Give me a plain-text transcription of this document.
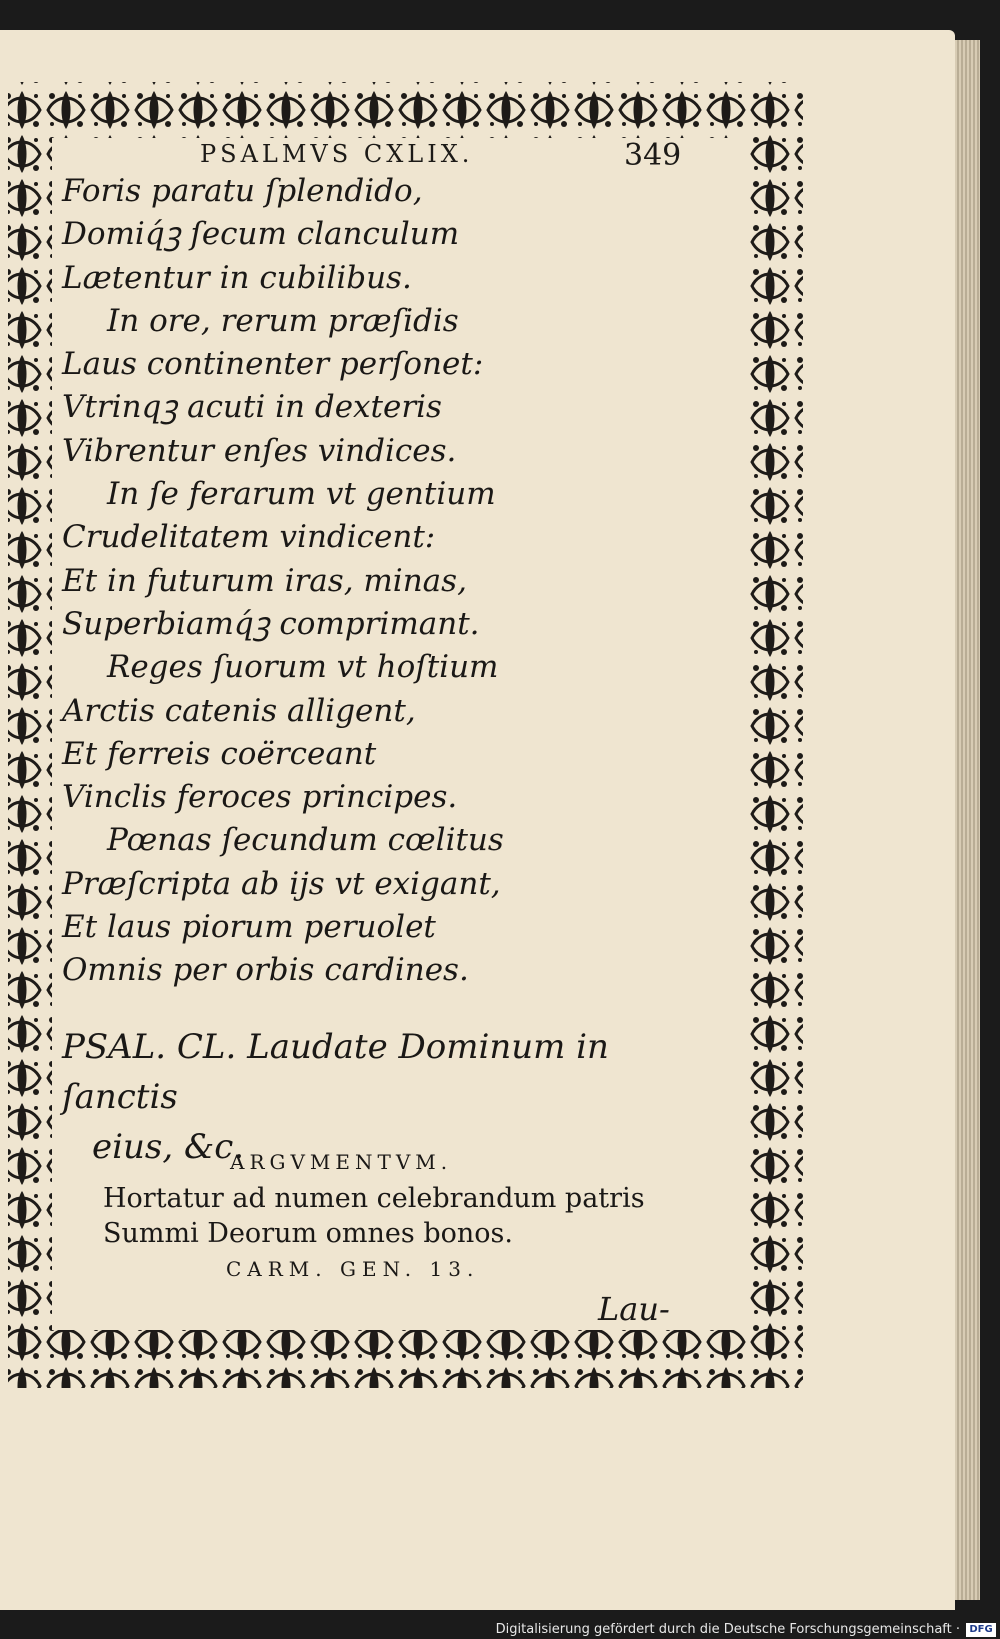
PSALMVS CXLIX.	349
Foris paratu ſplendido,
Domiq́ꝫ ſecum clanculum
Lætentur in cubilibus.
In ore, rerum præſidis
Laus continenter perſonet:
Vtrinqꝫ acuti in dexteris
Vibrentur enſes vindices.
In ſe ferarum vt gentium
Crudelitatem vindicent:
Et in futurum iras, minas,
Superbiamq́ꝫ comprimant.
Reges ſuorum vt hoſtium
Arctis catenis alligent,
Et ferreis coërceant
Vinclis feroces principes.
Pœnas ſecundum cœlitus
Præſcripta ab ijs vt exigant,
Et laus piorum peruolet
Omnis per orbis cardines.
PSAL. CL. Laudate Dominum in ſanctis
eius, &c.
ARGVMENTVM.
Hortatur ad numen celebrandum patris
Summi Deorum omnes bonos.
CARM. GEN. 13.
Lau-
Digitalisierung gefördert durch die Deutsche Forschungsgemeinschaft · DFG
